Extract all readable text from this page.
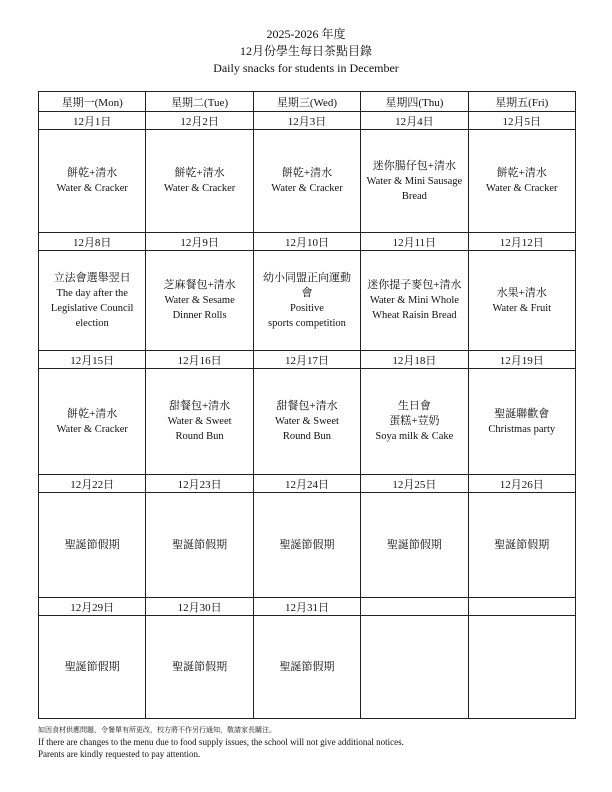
2025-2026 年度
12月份學生每日茶點目錄
Daily snacks for students in December
星期一(Mon)	星期二(Tue)	星期三(Wed)	星期四(Thu)	星期五(Fri)
12月1日	12月2日	12月3日	12月4日	12月5日

餅乾+清水
Water & Cracker	餅乾+清水
Water & Cracker	餅乾+清水
Water & Cracker	迷你腸仔包+清水
Water & Mini Sausage
Bread	餅乾+清水
Water & Cracker

12月8日	12月9日	12月10日	12月11日	12月12日

立法會選舉翌日
The day after the
Legislative Council
election	芝麻餐包+清水
Water & Sesame
Dinner Rolls	幼小同盟正向運動
會
Positive
sports competition	迷你提子麥包+清水
Water & Mini Whole
Wheat Raisin Bread	水果+清水
Water & Fruit

12月15日	12月16日	12月17日	12月18日	12月19日

餅乾+清水
Water & Cracker	甜餐包+清水
Water & Sweet
Round Bun	甜餐包+清水
Water & Sweet
Round Bun	生日會
蛋糕+荳奶
Soya milk & Cake	聖誕聯歡會
Christmas party

12月22日	12月23日	12月24日	12月25日	12月26日

聖誕節假期	聖誕節假期	聖誕節假期	聖誕節假期	聖誕節假期

12月29日	12月30日	12月31日		

聖誕節假期	聖誕節假期	聖誕節假期		

如因食材供應問題，令餐單有所更改，校方將不作另行通知，敬請家長關注。
If there are changes to the menu due to food supply issues, the school will not give additional notices.
Parents are kindly requested to pay attention.
